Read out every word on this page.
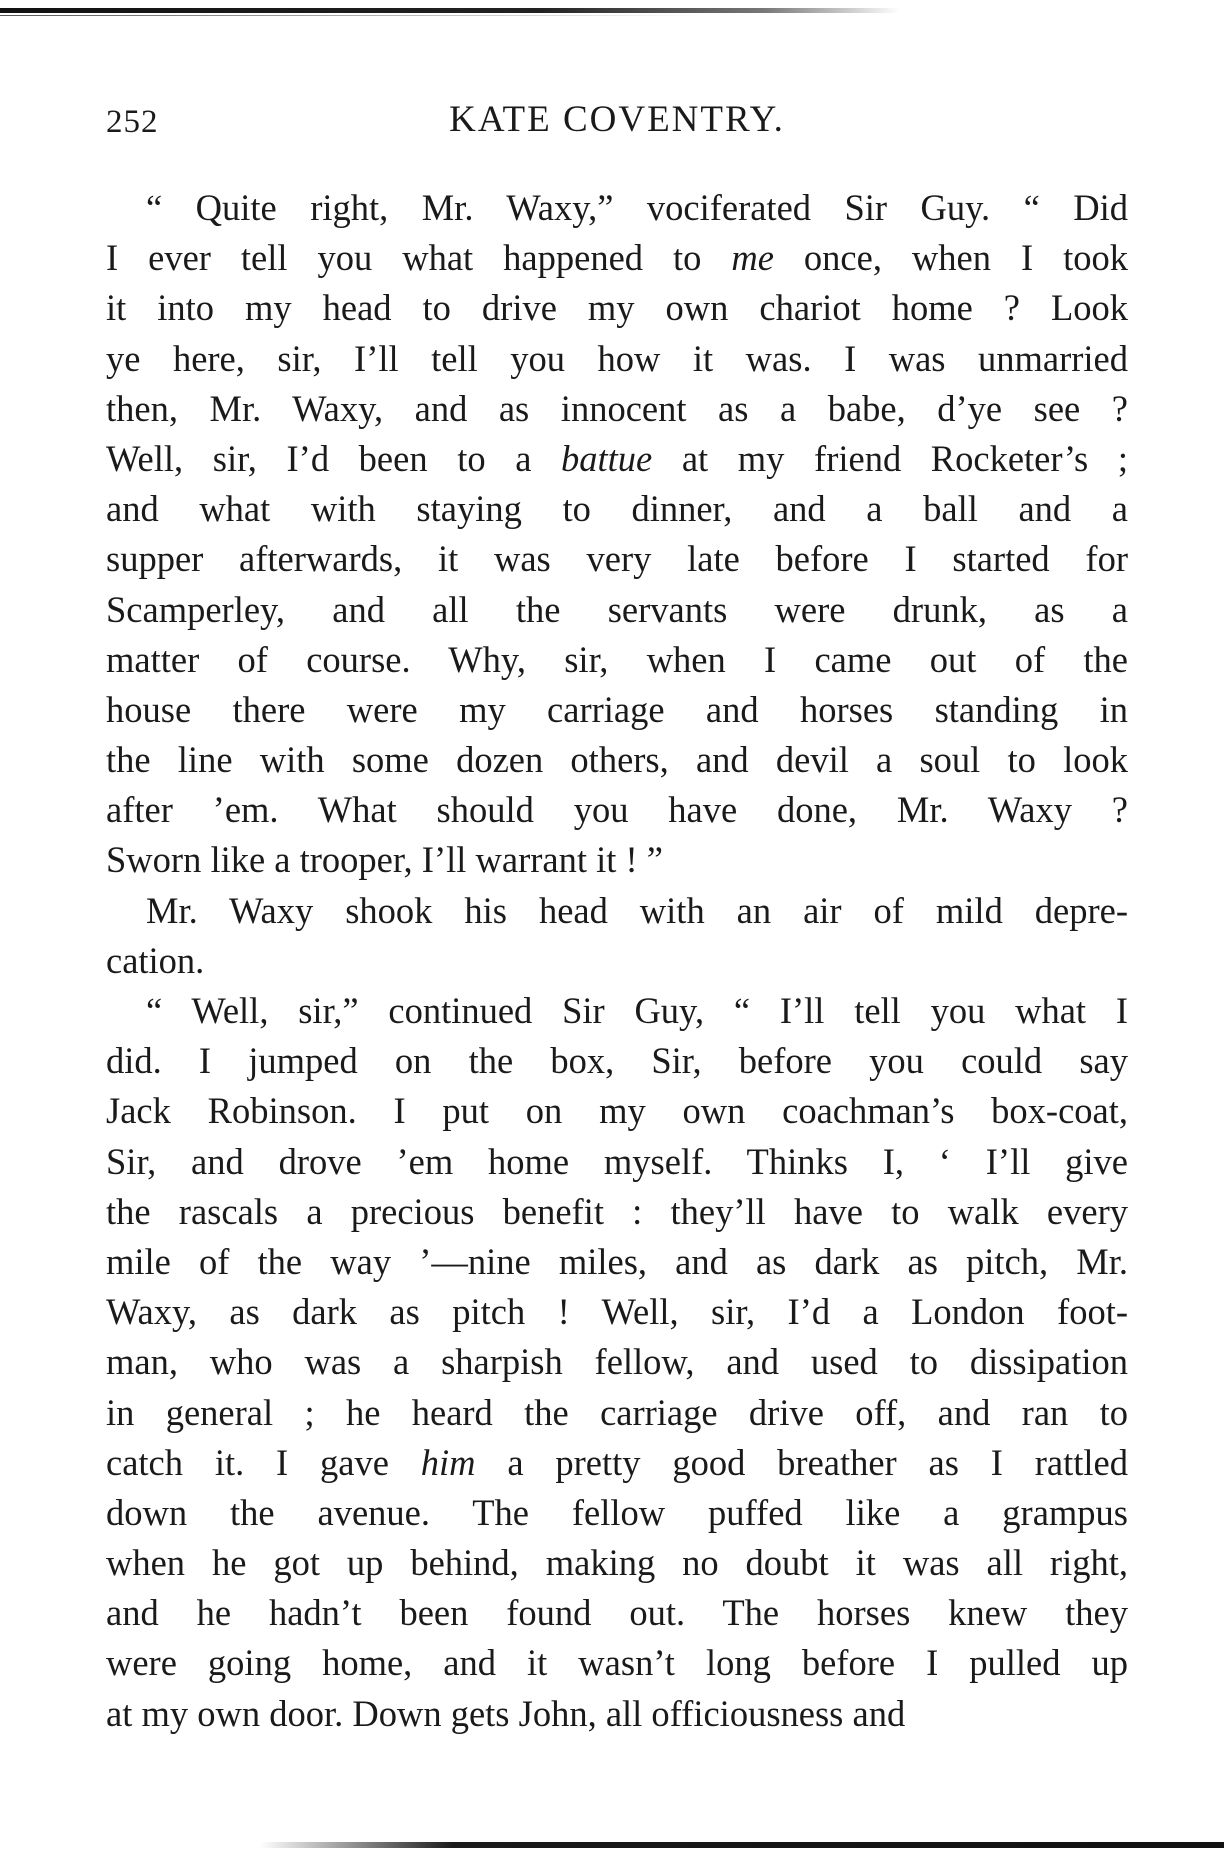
252	KATE COVENTRY.
“ Quite right, Mr. Waxy,” vociferated Sir Guy. “ Did
I ever tell you what happened to me once, when I took
it into my head to drive my own chariot home ? Look
ye here, sir, I’ll tell you how it was. I was unmarried
then, Mr. Waxy, and as innocent as a babe, d’ye see ?
Well, sir, I’d been to a battue at my friend Rocketer’s ;
and what with staying to dinner, and a ball and a
supper afterwards, it was very late before I started for
Scamperley, and all the servants were drunk, as a
matter of course. Why, sir, when I came out of the
house there were my carriage and horses standing in
the line with some dozen others, and devil a soul to look
after ’em. What should you have done, Mr. Waxy ?
Sworn like a trooper, I’ll warrant it ! ”
Mr. Waxy shook his head with an air of mild depre-
cation.
“ Well, sir,” continued Sir Guy, “ I’ll tell you what I
did. I jumped on the box, Sir, before you could say
Jack Robinson. I put on my own coachman’s box-coat,
Sir, and drove ’em home myself. Thinks I, ‘ I’ll give
the rascals a precious benefit : they’ll have to walk every
mile of the way ’—nine miles, and as dark as pitch, Mr.
Waxy, as dark as pitch ! Well, sir, I’d a London foot-
man, who was a sharpish fellow, and used to dissipation
in general ; he heard the carriage drive off, and ran to
catch it. I gave him a pretty good breather as I rattled
down the avenue. The fellow puffed like a grampus
when he got up behind, making no doubt it was all right,
and he hadn’t been found out. The horses knew they
were going home, and it wasn’t long before I pulled up
at my own door. Down gets John, all officiousness and
